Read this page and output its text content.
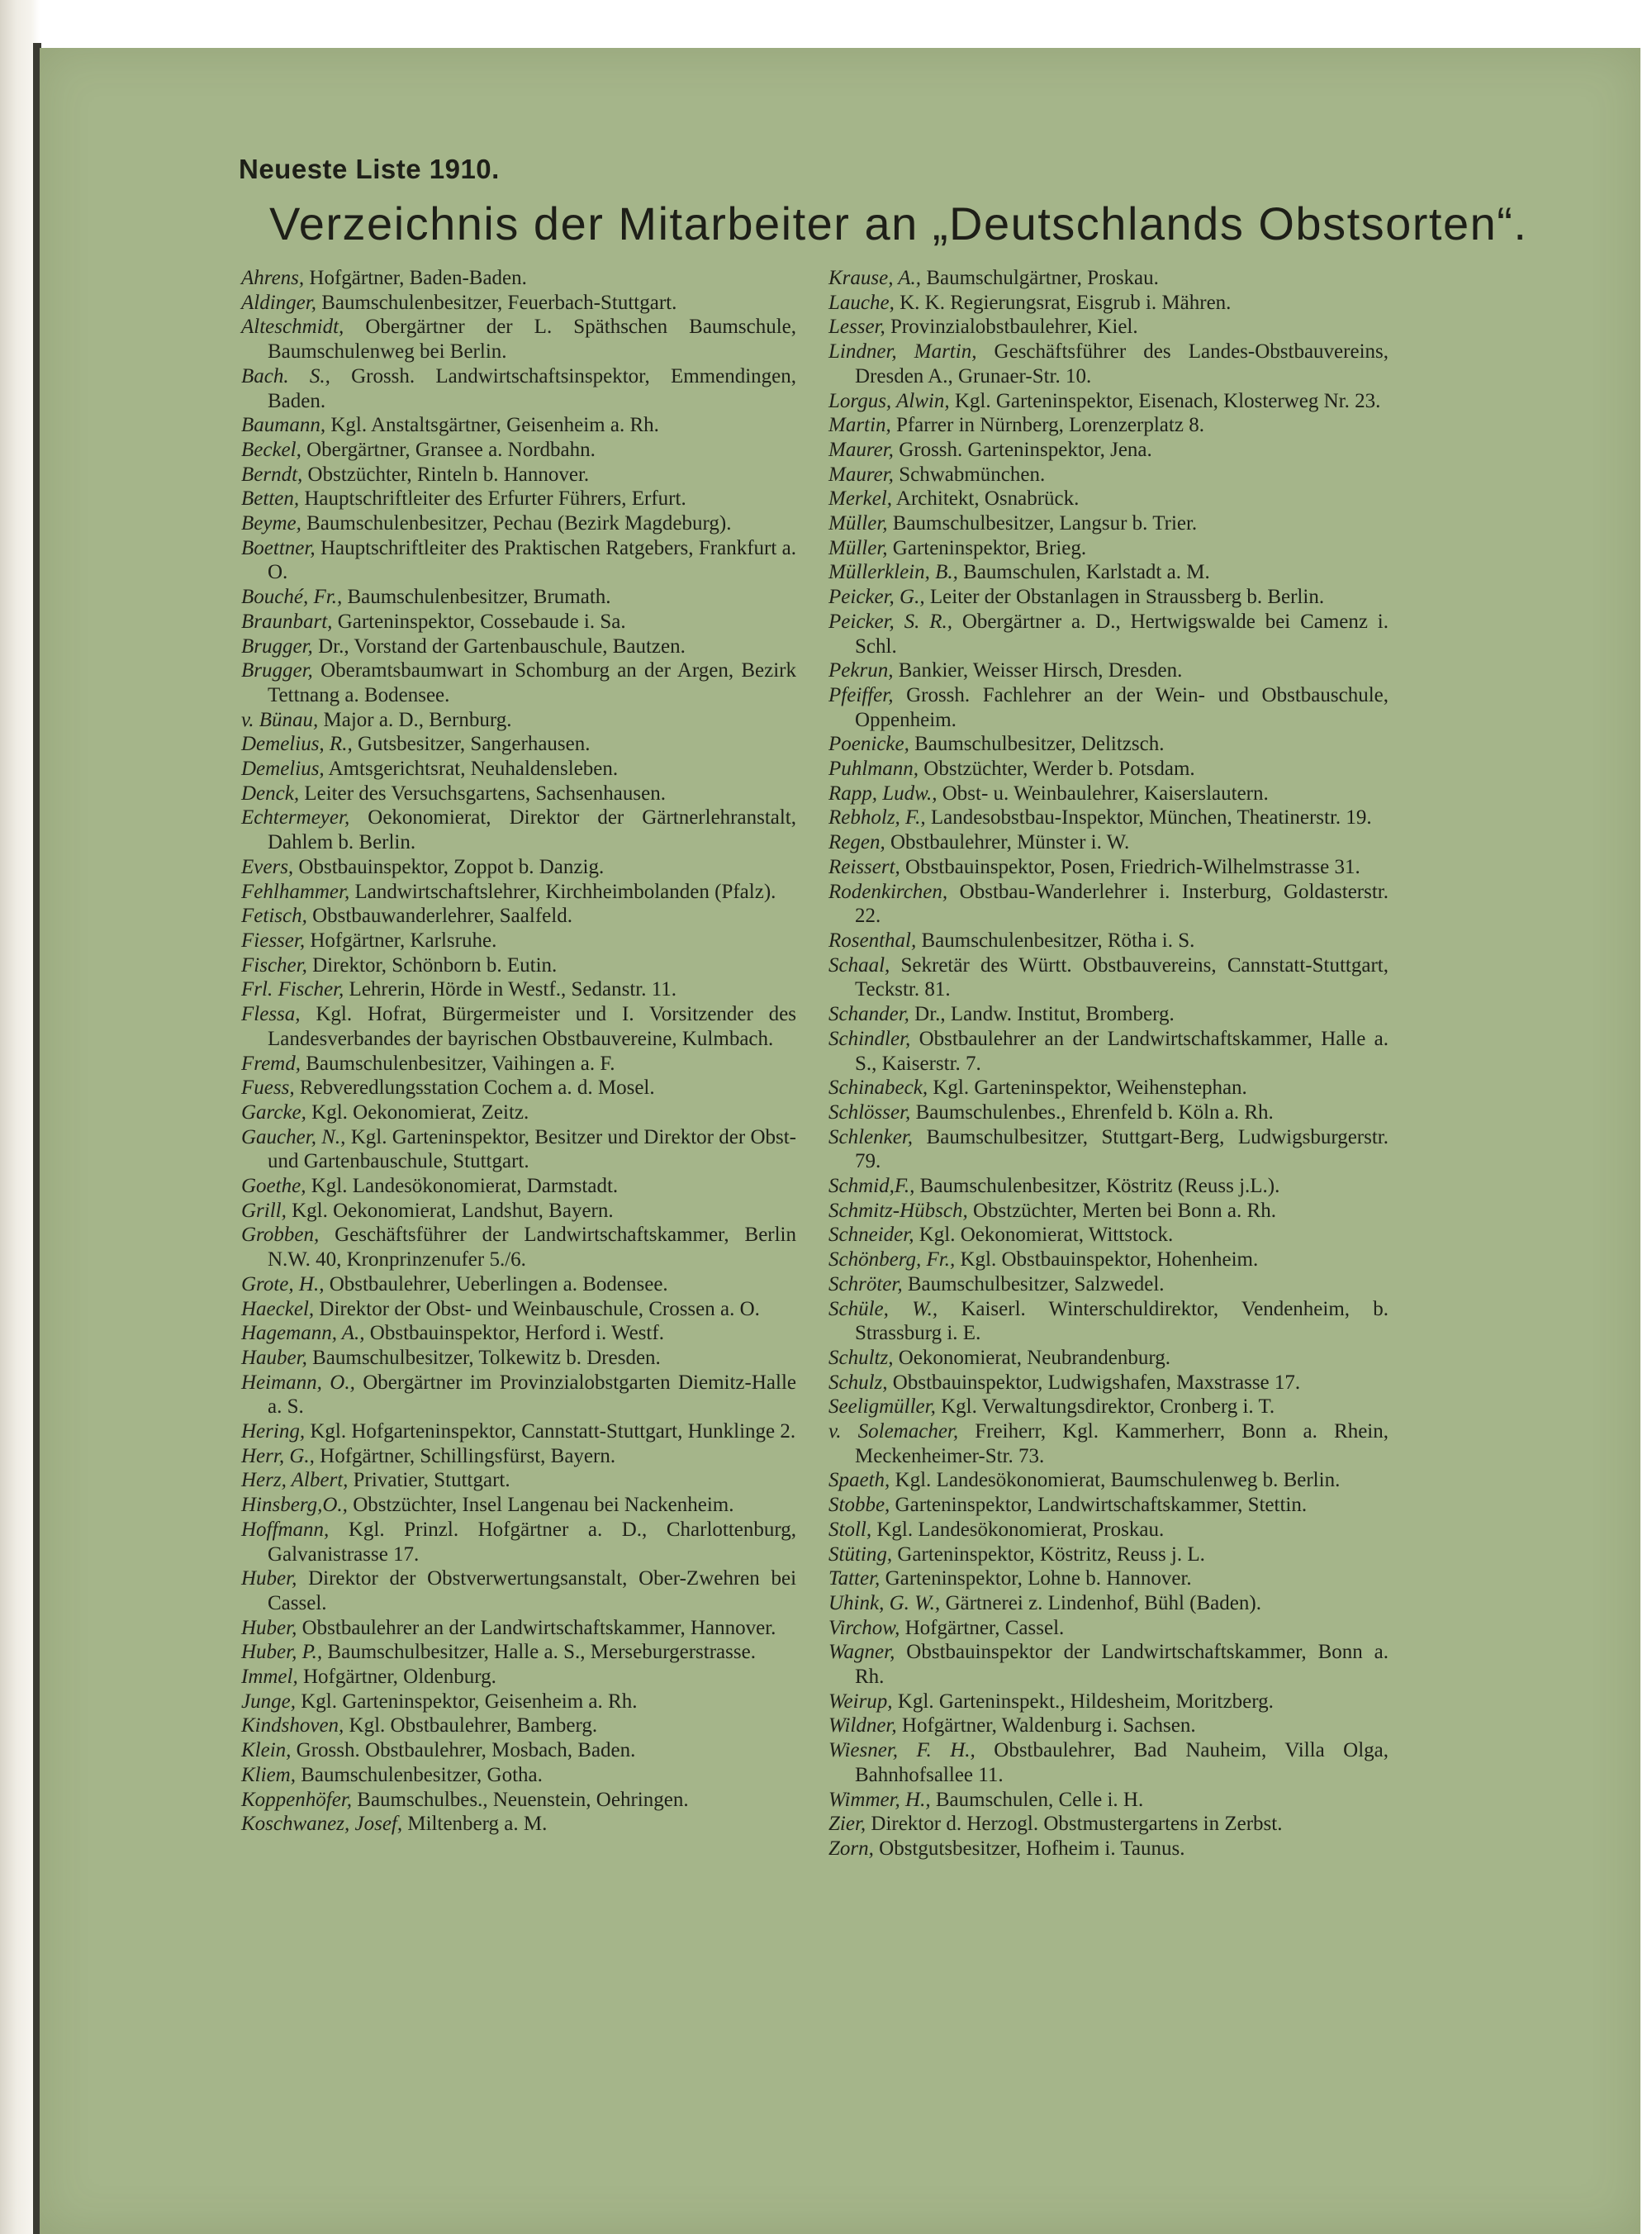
Neueste Liste 1910.
Verzeichnis der Mitarbeiter an „Deutschlands Obstsorten“.
Ahrens, Hofgärtner, Baden-Baden.
Aldinger, Baumschulenbesitzer, Feuerbach-Stuttgart.
Alteschmidt, Obergärtner der L. Späthschen Baumschule, Baumschulenweg bei Berlin.
Bach. S., Grossh. Landwirtschaftsinspektor, Emmendingen, Baden.
Baumann, Kgl. Anstaltsgärtner, Geisenheim a. Rh.
Beckel, Obergärtner, Gransee a. Nordbahn.
Berndt, Obstzüchter, Rinteln b. Hannover.
Betten, Hauptschriftleiter des Erfurter Führers, Erfurt.
Beyme, Baumschulenbesitzer, Pechau (Bezirk Magdeburg).
Boettner, Hauptschriftleiter des Praktischen Ratgebers, Frankfurt a. O.
Bouché, Fr., Baumschulenbesitzer, Brumath.
Braunbart, Garteninspektor, Cossebaude i. Sa.
Brugger, Dr., Vorstand der Gartenbauschule, Bautzen.
Brugger, Oberamtsbaumwart in Schomburg an der Argen, Bezirk Tettnang a. Bodensee.
v. Bünau, Major a. D., Bernburg.
Demelius, R., Gutsbesitzer, Sangerhausen.
Demelius, Amtsgerichtsrat, Neuhaldensleben.
Denck, Leiter des Versuchsgartens, Sachsenhausen.
Echtermeyer, Oekonomierat, Direktor der Gärtnerlehranstalt, Dahlem b. Berlin.
Evers, Obstbauinspektor, Zoppot b. Danzig.
Fehlhammer, Landwirtschaftslehrer, Kirchheimbolanden (Pfalz).
Fetisch, Obstbauwanderlehrer, Saalfeld.
Fiesser, Hofgärtner, Karlsruhe.
Fischer, Direktor, Schönborn b. Eutin.
Frl. Fischer, Lehrerin, Hörde in Westf., Sedanstr. 11.
Flessa, Kgl. Hofrat, Bürgermeister und I. Vorsitzender des Landesverbandes der bayrischen Obstbauvereine, Kulmbach.
Fremd, Baumschulenbesitzer, Vaihingen a. F.
Fuess, Rebveredlungsstation Cochem a. d. Mosel.
Garcke, Kgl. Oekonomierat, Zeitz.
Gaucher, N., Kgl. Garteninspektor, Besitzer und Direktor der Obst- und Gartenbauschule, Stuttgart.
Goethe, Kgl. Landesökonomierat, Darmstadt.
Grill, Kgl. Oekonomierat, Landshut, Bayern.
Grobben, Geschäftsführer der Landwirtschaftskammer, Berlin N.W. 40, Kronprinzenufer 5./6.
Grote, H., Obstbaulehrer, Ueberlingen a. Bodensee.
Haeckel, Direktor der Obst- und Weinbauschule, Crossen a. O.
Hagemann, A., Obstbauinspektor, Herford i. Westf.
Hauber, Baumschulbesitzer, Tolkewitz b. Dresden.
Heimann, O., Obergärtner im Provinzialobstgarten Diemitz-Halle a. S.
Hering, Kgl. Hofgarteninspektor, Cannstatt-Stuttgart, Hunklinge 2.
Herr, G., Hofgärtner, Schillingsfürst, Bayern.
Herz, Albert, Privatier, Stuttgart.
Hinsberg,O., Obstzüchter, Insel Langenau bei Nackenheim.
Hoffmann, Kgl. Prinzl. Hofgärtner a. D., Charlottenburg, Galvanistrasse 17.
Huber, Direktor der Obstverwertungsanstalt, Ober-Zwehren bei Cassel.
Huber, Obstbaulehrer an der Landwirtschaftskammer, Hannover.
Huber, P., Baumschulbesitzer, Halle a. S., Merseburgerstrasse.
Immel, Hofgärtner, Oldenburg.
Junge, Kgl. Garteninspektor, Geisenheim a. Rh.
Kindshoven, Kgl. Obstbaulehrer, Bamberg.
Klein, Grossh. Obstbaulehrer, Mosbach, Baden.
Kliem, Baumschulenbesitzer, Gotha.
Koppenhöfer, Baumschulbes., Neuenstein, Oehringen.
Koschwanez, Josef, Miltenberg a. M.
Krause, A., Baumschulgärtner, Proskau.
Lauche, K. K. Regierungsrat, Eisgrub i. Mähren.
Lesser, Provinzialobstbaulehrer, Kiel.
Lindner, Martin, Geschäftsführer des Landes-Obstbauvereins, Dresden A., Grunaer-Str. 10.
Lorgus, Alwin, Kgl. Garteninspektor, Eisenach, Klosterweg Nr. 23.
Martin, Pfarrer in Nürnberg, Lorenzerplatz 8.
Maurer, Grossh. Garteninspektor, Jena.
Maurer, Schwabmünchen.
Merkel, Architekt, Osnabrück.
Müller, Baumschulbesitzer, Langsur b. Trier.
Müller, Garteninspektor, Brieg.
Müllerklein, B., Baumschulen, Karlstadt a. M.
Peicker, G., Leiter der Obstanlagen in Straussberg b. Berlin.
Peicker, S. R., Obergärtner a. D., Hertwigswalde bei Camenz i. Schl.
Pekrun, Bankier, Weisser Hirsch, Dresden.
Pfeiffer, Grossh. Fachlehrer an der Wein- und Obstbauschule, Oppenheim.
Poenicke, Baumschulbesitzer, Delitzsch.
Puhlmann, Obstzüchter, Werder b. Potsdam.
Rapp, Ludw., Obst- u. Weinbaulehrer, Kaiserslautern.
Rebholz, F., Landesobstbau-Inspektor, München, Theatinerstr. 19.
Regen, Obstbaulehrer, Münster i. W.
Reissert, Obstbauinspektor, Posen, Friedrich-Wilhelmstrasse 31.
Rodenkirchen, Obstbau-Wanderlehrer i. Insterburg, Goldasterstr. 22.
Rosenthal, Baumschulenbesitzer, Rötha i. S.
Schaal, Sekretär des Württ. Obstbauvereins, Cannstatt-Stuttgart, Teckstr. 81.
Schander, Dr., Landw. Institut, Bromberg.
Schindler, Obstbaulehrer an der Landwirtschaftskammer, Halle a. S., Kaiserstr. 7.
Schinabeck, Kgl. Garteninspektor, Weihenstephan.
Schlösser, Baumschulenbes., Ehrenfeld b. Köln a. Rh.
Schlenker, Baumschulbesitzer, Stuttgart-Berg, Ludwigsburgerstr. 79.
Schmid,F., Baumschulenbesitzer, Köstritz (Reuss j.L.).
Schmitz-Hübsch, Obstzüchter, Merten bei Bonn a. Rh.
Schneider, Kgl. Oekonomierat, Wittstock.
Schönberg, Fr., Kgl. Obstbauinspektor, Hohenheim.
Schröter, Baumschulbesitzer, Salzwedel.
Schüle, W., Kaiserl. Winterschuldirektor, Vendenheim, b. Strassburg i. E.
Schultz, Oekonomierat, Neubrandenburg.
Schulz, Obstbauinspektor, Ludwigshafen, Maxstrasse 17.
Seeligmüller, Kgl. Verwaltungsdirektor, Cronberg i. T.
v. Solemacher, Freiherr, Kgl. Kammerherr, Bonn a. Rhein, Meckenheimer-Str. 73.
Spaeth, Kgl. Landesökonomierat, Baumschulenweg b. Berlin.
Stobbe, Garteninspektor, Landwirtschaftskammer, Stettin.
Stoll, Kgl. Landesökonomierat, Proskau.
Stüting, Garteninspektor, Köstritz, Reuss j. L.
Tatter, Garteninspektor, Lohne b. Hannover.
Uhink, G. W., Gärtnerei z. Lindenhof, Bühl (Baden).
Virchow, Hofgärtner, Cassel.
Wagner, Obstbauinspektor der Landwirtschaftskammer, Bonn a. Rh.
Weirup, Kgl. Garteninspekt., Hildesheim, Moritzberg.
Wildner, Hofgärtner, Waldenburg i. Sachsen.
Wiesner, F. H., Obstbaulehrer, Bad Nauheim, Villa Olga, Bahnhofsallee 11.
Wimmer, H., Baumschulen, Celle i. H.
Zier, Direktor d. Herzogl. Obstmustergartens in Zerbst.
Zorn, Obstgutsbesitzer, Hofheim i. Taunus.
